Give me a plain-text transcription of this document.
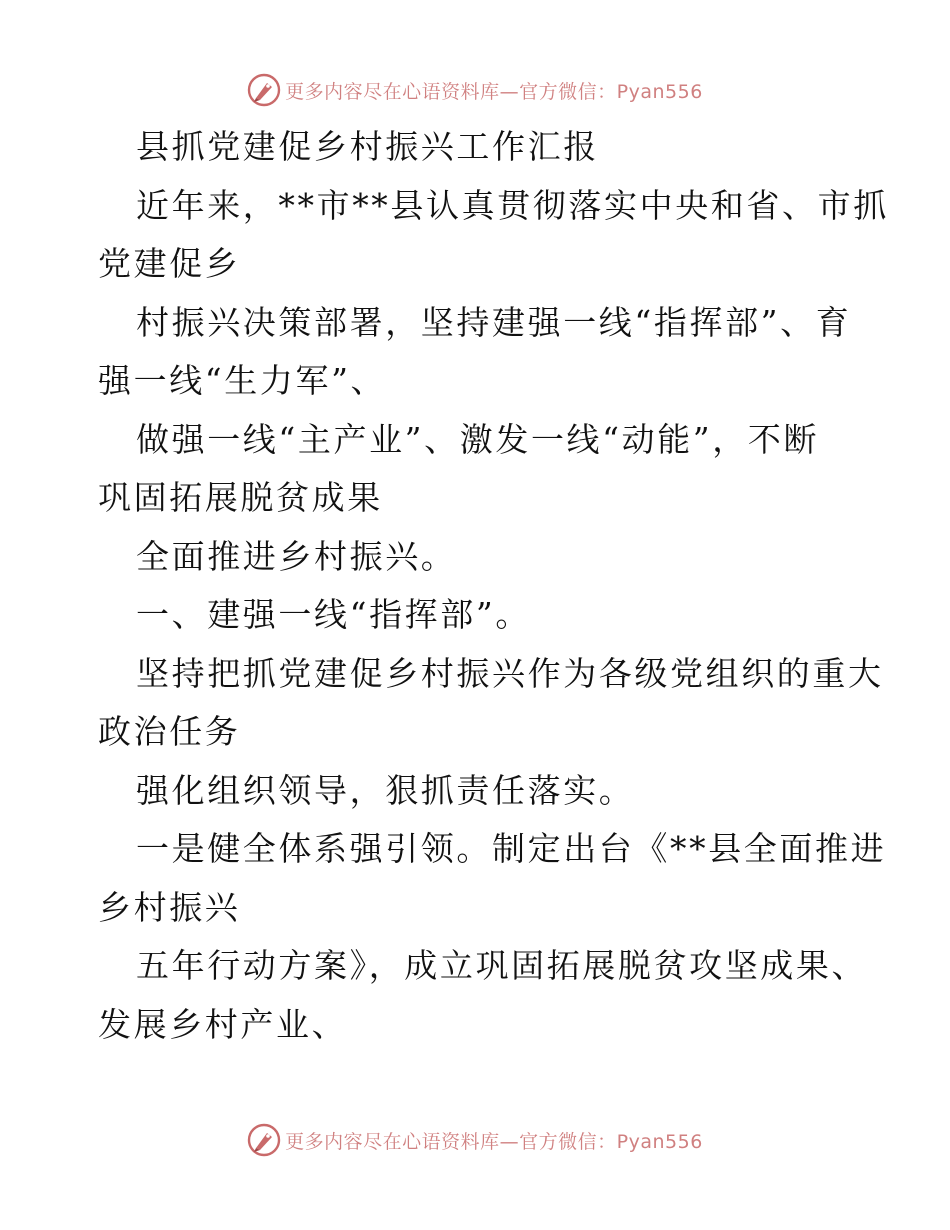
更多内容尽在心语资料库—官方微信：Pyan556
县抓党建促乡村振兴工作汇报
近年来，**市**县认真贯彻落实中央和省、市抓
党建促乡
村振兴决策部署，坚持建强一线“指挥部”、育
强一线“生力军”、
做强一线“主产业”、激发一线“动能”，不断
巩固拓展脱贫成果
全面推进乡村振兴。
一、建强一线“指挥部”。
坚持把抓党建促乡村振兴作为各级党组织的重大
政治任务
强化组织领导，狠抓责任落实。
一是健全体系强引领。制定出台《**县全面推进
乡村振兴
五年行动方案》，成立巩固拓展脱贫攻坚成果、
发展乡村产业、
更多内容尽在心语资料库—官方微信：Pyan556
